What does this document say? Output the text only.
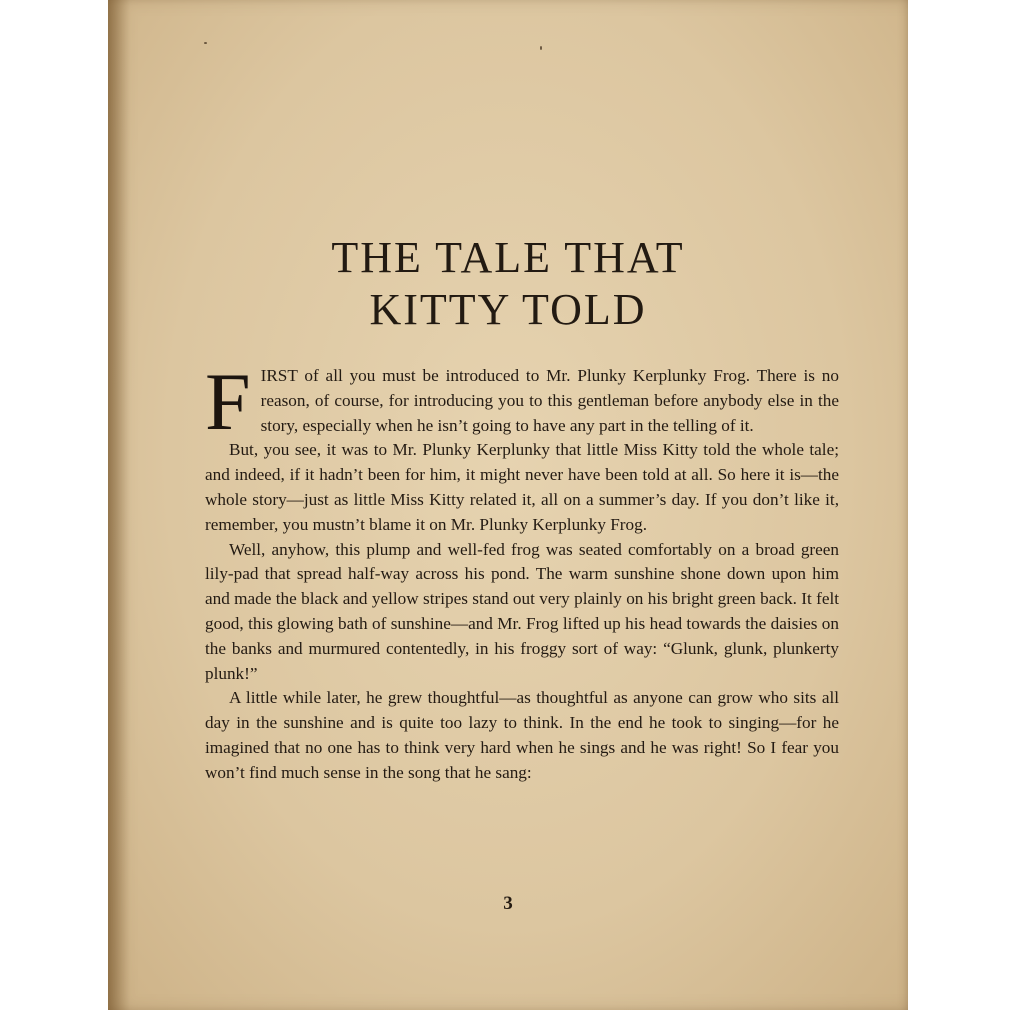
THE TALE THAT
KITTY TOLD

FIRST of all you must be introduced to Mr. Plunky Kerplunky Frog. There is no reason, of course, for introducing you to this gentleman before anybody else in the story, especially when he isn’t going to have any part in the telling of it.

But, you see, it was to Mr. Plunky Kerplunky that little Miss Kitty told the whole tale; and indeed, if it hadn’t been for him, it might never have been told at all. So here it is—the whole story—just as little Miss Kitty related it, all on a summer’s day. If you don’t like it, remember, you mustn’t blame it on Mr. Plunky Kerplunky Frog.

Well, anyhow, this plump and well-fed frog was seated comfortably on a broad green lily-pad that spread half-way across his pond. The warm sunshine shone down upon him and made the black and yellow stripes stand out very plainly on his bright green back. It felt good, this glowing bath of sunshine—and Mr. Frog lifted up his head towards the daisies on the banks and murmured contentedly, in his froggy sort of way: “Glunk, glunk, plunkerty plunk!”

A little while later, he grew thoughtful—as thoughtful as anyone can grow who sits all day in the sunshine and is quite too lazy to think. In the end he took to singing—for he imagined that no one has to think very hard when he sings and he was right! So I fear you won’t find much sense in the song that he sang:

3
